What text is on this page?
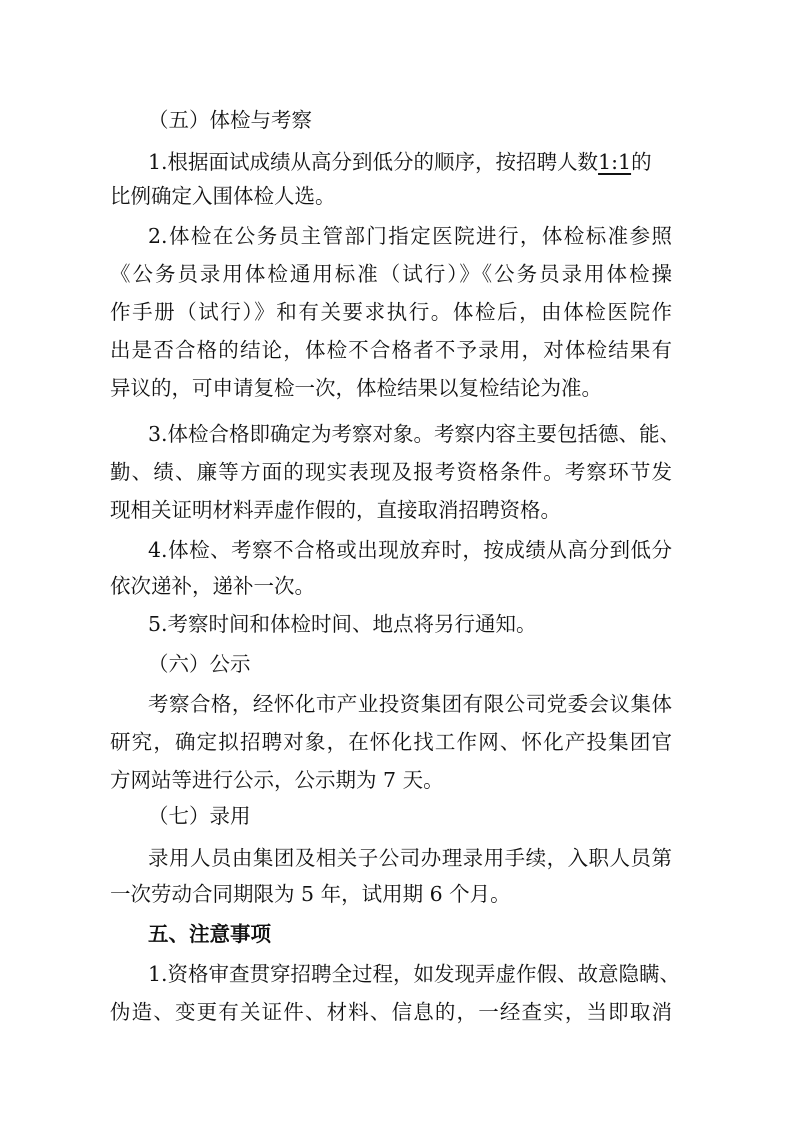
（五）体检与考察
1.根据面试成绩从高分到低分的顺序，按招聘人数1:1的
比例确定入围体检人选。
2.体检在公务员主管部门指定医院进行，体检标准参照
《公务员录用体检通用标准（试行）》《公务员录用体检操
作手册（试行）》和有关要求执行。体检后，由体检医院作
出是否合格的结论，体检不合格者不予录用，对体检结果有
异议的，可申请复检一次，体检结果以复检结论为准。
3.体检合格即确定为考察对象。考察内容主要包括德、能、
勤、绩、廉等方面的现实表现及报考资格条件。考察环节发
现相关证明材料弄虚作假的，直接取消招聘资格。
4.体检、考察不合格或出现放弃时，按成绩从高分到低分
依次递补，递补一次。
5.考察时间和体检时间、地点将另行通知。
（六）公示
考察合格，经怀化市产业投资集团有限公司党委会议集体
研究，确定拟招聘对象，在怀化找工作网、怀化产投集团官
方网站等进行公示，公示期为 7 天。
（七）录用
录用人员由集团及相关子公司办理录用手续，入职人员第
一次劳动合同期限为 5 年，试用期 6 个月。
五、注意事项
1.资格审查贯穿招聘全过程，如发现弄虚作假、故意隐瞒、
伪造、变更有关证件、材料、信息的，一经查实，当即取消
